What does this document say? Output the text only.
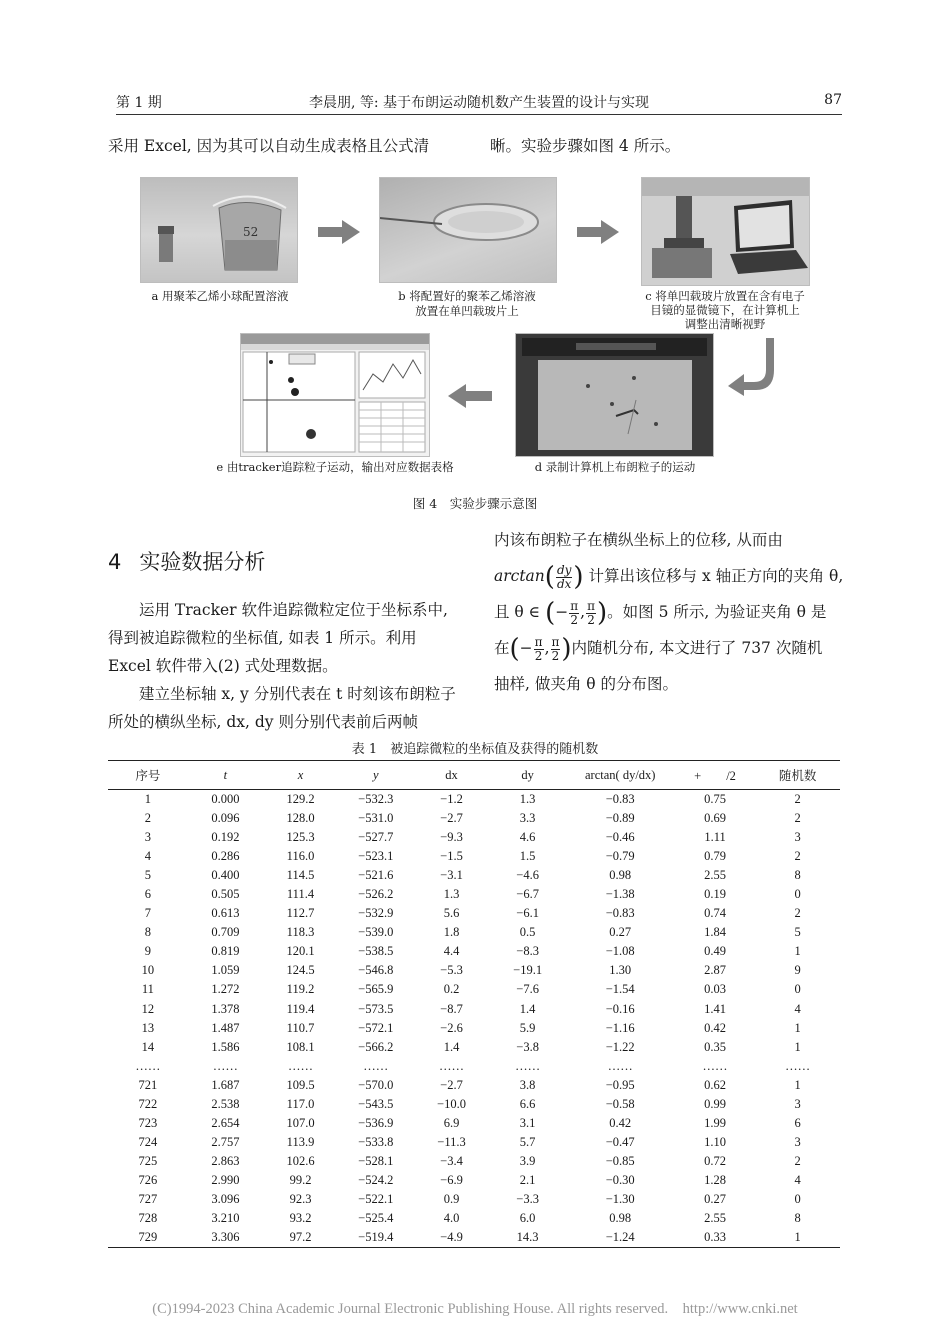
第 1 期	李晨朋, 等: 基于布朗运动随机数产生装置的设计与实现	87
采用 Excel, 因为其可以自动生成表格且公式清	晰。实验步骤如图 4 所示。
52
a 用聚苯乙烯小球配置溶液	b 将配置好的聚苯乙烯溶液
放置在单凹载玻片上
c 将单凹载玻片放置在含有电子
目镜的显微镜下，在计算机上
调整出清晰视野
d 录制计算机上布朗粒子的运动
e 由tracker追踪粒子运动，输出对应数据表格
图 4　实验步骤示意图
4 实验数据分析

运用 Tracker 软件追踪微粒定位于坐标系中, 得到被追踪微粒的坐标值, 如表 1 所示。利用 Excel 软件带入(2) 式处理数据。

建立坐标轴 x, y 分别代表在 t 时刻该布朗粒子所处的横纵坐标, dx, dy 则分别代表前后两帧

内该布朗粒子在横纵坐标上的位移, 从而由
$\arctan( \frac{dy}{dx}$ ) 计算出该位移与 x 轴正方向的夹角 θ,
且 θ ∈ (− $\frac{\pi}{2}$ , $\frac{\pi}{2}$ )。如图 5 所示, 为验证夹角 θ 是
在(− $\frac{\pi}{2}$ , $\frac{\pi}{2}$ )内随机分布, 本文进行了 737 次随机
抽样, 做夹角 θ 的分布图。
表 1　被追踪微粒的坐标值及获得的随机数
序号	t	x	y	dx	dy	arctan( dy/dx)	+　　/2	随机数
1	0.000	129.2	−532.3	−1.2	1.3	−0.83	0.75	2
2	0.096	128.0	−531.0	−2.7	3.3	−0.89	0.69	2
3	0.192	125.3	−527.7	−9.3	4.6	−0.46	1.11	3
4	0.286	116.0	−523.1	−1.5	1.5	−0.79	0.79	2
5	0.400	114.5	−521.6	−3.1	−4.6	0.98	2.55	8
6	0.505	111.4	−526.2	1.3	−6.7	−1.38	0.19	0
7	0.613	112.7	−532.9	5.6	−6.1	−0.83	0.74	2
8	0.709	118.3	−539.0	1.8	0.5	0.27	1.84	5
9	0.819	120.1	−538.5	4.4	−8.3	−1.08	0.49	1
10	1.059	124.5	−546.8	−5.3	−19.1	1.30	2.87	9
11	1.272	119.2	−565.9	0.2	−7.6	−1.54	0.03	0
12	1.378	119.4	−573.5	−8.7	1.4	−0.16	1.41	4
13	1.487	110.7	−572.1	−2.6	5.9	−1.16	0.42	1
14	1.586	108.1	−566.2	1.4	−3.8	−1.22	0.35	1
……	……	……	……	……	……	……	……	……
721	1.687	109.5	−570.0	−2.7	3.8	−0.95	0.62	1
722	2.538	117.0	−543.5	−10.0	6.6	−0.58	0.99	3
723	2.654	107.0	−536.9	6.9	3.1	0.42	1.99	6
724	2.757	113.9	−533.8	−11.3	5.7	−0.47	1.10	3
725	2.863	102.6	−528.1	−3.4	3.9	−0.85	0.72	2
726	2.990	99.2	−524.2	−6.9	2.1	−0.30	1.28	4
727	3.096	92.3	−522.1	0.9	−3.3	−1.30	0.27	0
728	3.210	93.2	−525.4	4.0	6.0	0.98	2.55	8
729	3.306	97.2	−519.4	−4.9	14.3	−1.24	0.33	1
(C)1994-2023 China Academic Journal Electronic Publishing House. All rights reserved.　http://www.cnki.net
